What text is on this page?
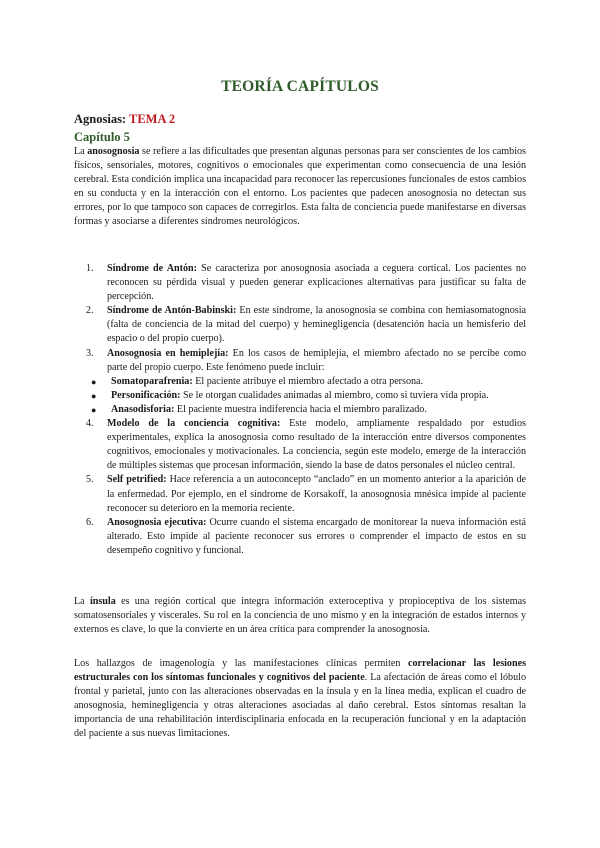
TEORÍA CAPÍTULOS
Agnosias: TEMA 2
Capítulo 5

La anosognosia se refiere a las dificultades que presentan algunas personas para ser conscientes de los cambios físicos, sensoriales, motores, cognitivos o emocionales que experimentan como consecuencia de una lesión cerebral. Esta condición implica una incapacidad para reconocer las repercusiones funcionales de estos cambios en su conducta y en la interacción con el entorno. Los pacientes que padecen anosognosia no detectan sus errores, por lo que tampoco son capaces de corregirlos. Esta falta de conciencia puede manifestarse en diversas formas y asociarse a diferentes síndromes neurológicos.

1. Síndrome de Antón: Se caracteriza por anosognosia asociada a ceguera cortical. Los pacientes no reconocen su pérdida visual y pueden generar explicaciones alternativas para justificar su falta de percepción.
2. Síndrome de Antón-Babinski: En este síndrome, la anosognosia se combina con hemiasomatognosia (falta de conciencia de la mitad del cuerpo) y heminegligencia (desatención hacia un hemisferio del espacio o del propio cuerpo).
3. Anosognosia en hemiplejía: En los casos de hemiplejía, el miembro afectado no se percibe como parte del propio cuerpo. Este fenómeno puede incluir:
● Somatoparafrenia: El paciente atribuye el miembro afectado a otra persona.
● Personificación: Se le otorgan cualidades animadas al miembro, como si tuviera vida propia.
● Anasodisforia: El paciente muestra indiferencia hacia el miembro paralizado.
4. Modelo de la conciencia cognitiva: Este modelo, ampliamente respaldado por estudios experimentales, explica la anosognosia como resultado de la interacción entre diversos componentes cognitivos, emocionales y motivacionales. La conciencia, según este modelo, emerge de la interacción de múltiples sistemas que procesan información, siendo la base de datos personales el núcleo central.
5. Self petrified: Hace referencia a un autoconcepto “anclado” en un momento anterior a la aparición de la enfermedad. Por ejemplo, en el síndrome de Korsakoff, la anosognosia mnésica impide al paciente reconocer su deterioro en la memoria reciente.
6. Anosognosia ejecutiva: Ocurre cuando el sistema encargado de monitorear la nueva información está alterado. Esto impide al paciente reconocer sus errores o comprender el impacto de estos en su desempeño cognitivo y funcional.

La ínsula es una región cortical que integra información exteroceptiva y propioceptiva de los sistemas somatosensoriales y viscerales. Su rol en la conciencia de uno mismo y en la integración de estados internos y externos es clave, lo que la convierte en un área crítica para comprender la anosognosia.

Los hallazgos de imagenología y las manifestaciones clínicas permiten correlacionar las lesiones estructurales con los síntomas funcionales y cognitivos del paciente. La afectación de áreas como el lóbulo frontal y parietal, junto con las alteraciones observadas en la ínsula y en la línea media, explican el cuadro de anosognosia, heminegligencia y otras alteraciones asociadas al daño cerebral. Estos síntomas resaltan la importancia de una rehabilitación interdisciplinaria enfocada en la recuperación funcional y en la adaptación del paciente a sus nuevas limitaciones.
